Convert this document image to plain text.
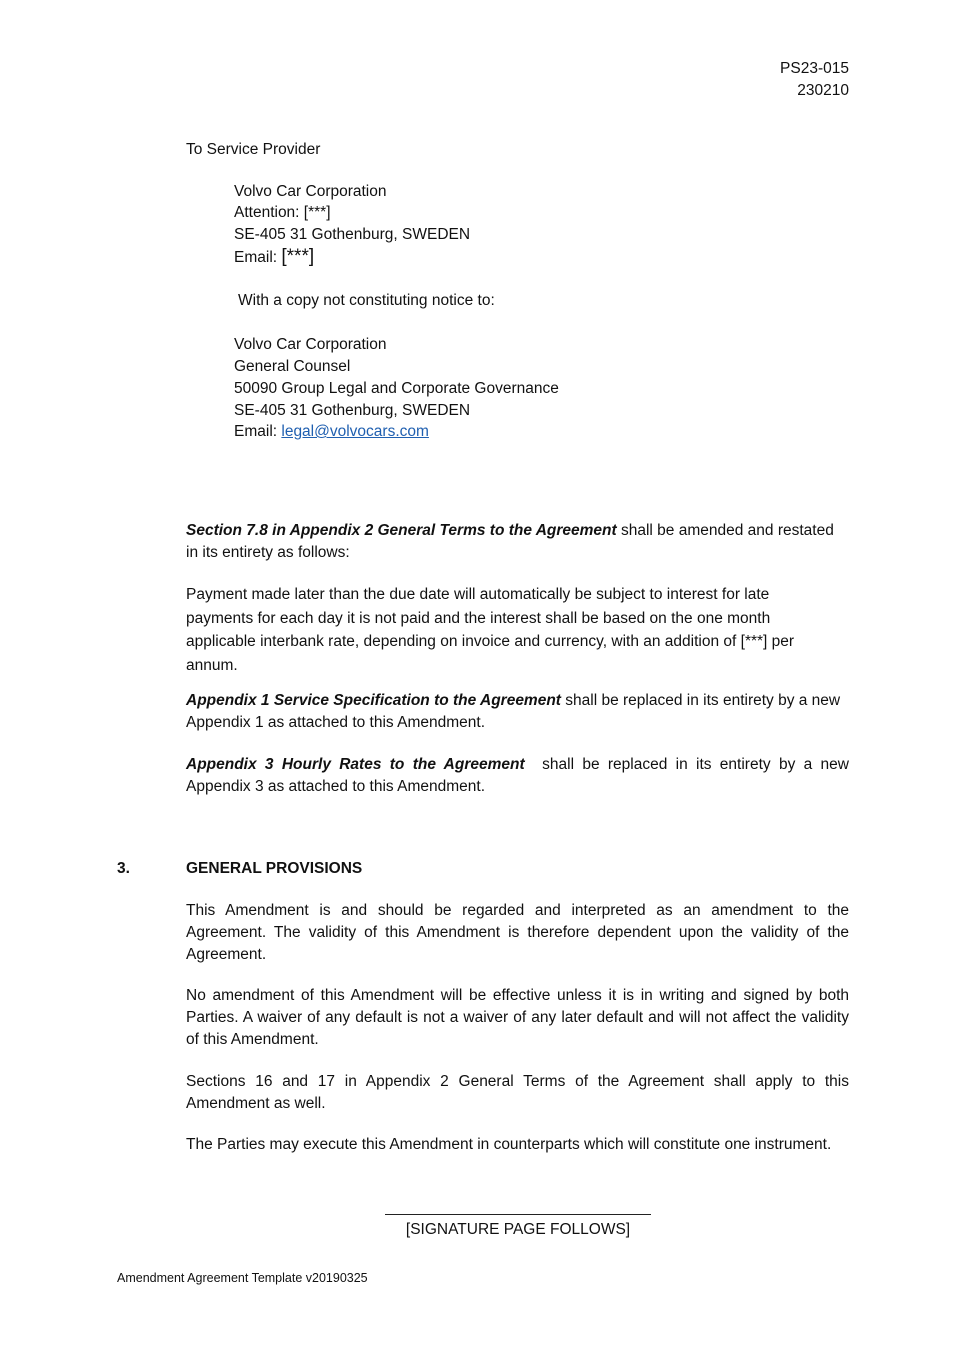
PS23-015
230210
To Service Provider
Volvo Car Corporation
Attention: [***]
SE-405 31 Gothenburg, SWEDEN
Email: [***]
With a copy not constituting notice to:
Volvo Car Corporation
General Counsel
50090 Group Legal and Corporate Governance
SE-405 31 Gothenburg, SWEDEN
Email: legal@volvocars.com
Section 7.8 in Appendix 2 General Terms to the Agreement shall be amended and restated
in its entirety as follows:
Payment made later than the due date will automatically be subject to interest for late
payments for each day it is not paid and the interest shall be based on the one month
applicable interbank rate, depending on invoice and currency, with an addition of [***] per
annum.
Appendix 1 Service Specification to the Agreement shall be replaced in its entirety by a new
Appendix 1 as attached to this Amendment.
Appendix 3 Hourly Rates to the Agreement shall be replaced in its entirety by a new
Appendix 3 as attached to this Amendment.
3.	GENERAL PROVISIONS
This Amendment is and should be regarded and interpreted as an amendment to the Agreement. The validity of this Amendment is therefore dependent upon the validity of the Agreement.
No amendment of this Amendment will be effective unless it is in writing and signed by both Parties. A waiver of any default is not a waiver of any later default and will not affect the validity of this Amendment.
Sections 16 and 17 in Appendix 2 General Terms of the Agreement shall apply to this Amendment as well.
The Parties may execute this Amendment in counterparts which will constitute one instrument.
[SIGNATURE PAGE FOLLOWS]
Amendment Agreement Template v20190325
